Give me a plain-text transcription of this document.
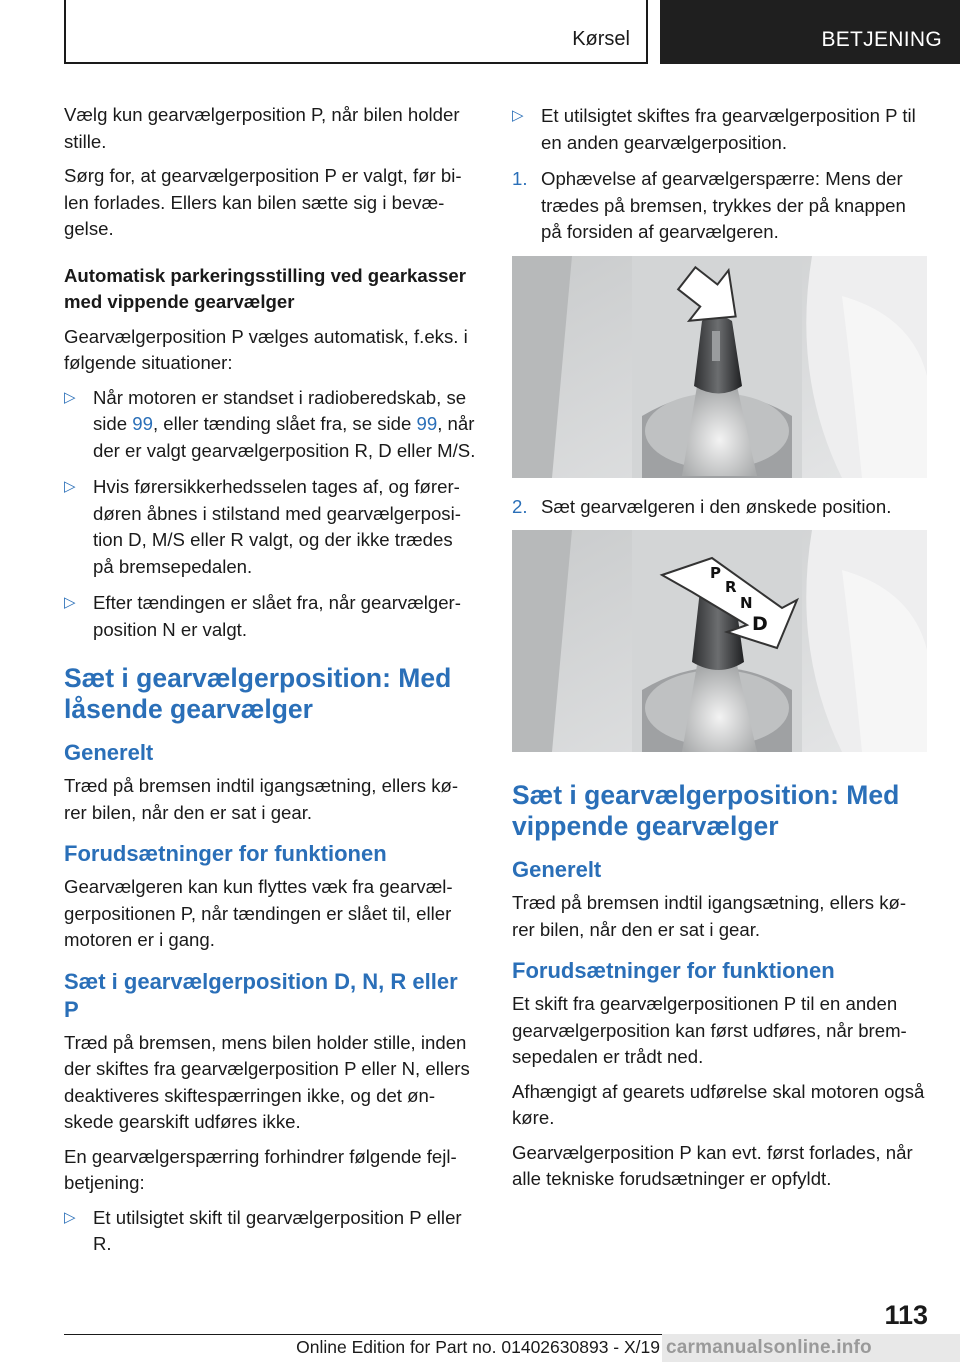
Kørsel	BETJENING

Vælg kun gearvælgerposition P, når bilen holder stille.

Sørg for, at gearvælgerposition P er valgt, før bi‐len forlades. Ellers kan bilen sætte sig i bevæ‐gelse.

Automatisk parkeringsstilling ved gearkasser med vippende gearvælger

Gearvælgerposition P vælges automatisk, f.eks. i følgende situationer:

▷ Når motoren er standset i radioberedskab, se side 99, eller tænding slået fra, se side 99, når der er valgt gearvælgerposition R, D eller M/S.
▷ Hvis førersikkerhedsselen tages af, og fører‐døren åbnes i stilstand med gearvælgerposi‐tion D, M/S eller R valgt, og der ikke trædes på bremsepedalen.
▷ Efter tændingen er slået fra, når gearvælger‐position N er valgt.
Sæt i gearvælgerposition: Med låsende gearvælger
Generelt

Træd på bremsen indtil igangsætning, ellers kø‐rer bilen, når den er sat i gear.

Forudsætninger for funktionen

Gearvælgeren kan kun flyttes væk fra gearvæl‐gerpositionen P, når tændingen er slået til, eller motoren er i gang.

Sæt i gearvælgerposition D, N, R eller P

Træd på bremsen, mens bilen holder stille, inden der skiftes fra gearvælgerposition P eller N, ellers deaktiveres skiftespærringen ikke, og det øn‐skede gearskift udføres ikke.

En gearvælgerspærring forhindrer følgende fejl‐betjening:

▷ Et utilsigtet skift til gearvælgerposition P eller R.
▷ Et utilsigtet skiftes fra gearvælgerposition P til en anden gearvælgerposition.
1. Ophævelse af gearvælgerspærre: Mens der trædes på bremsen, trykkes der på knappen på forsiden af gearvælgeren.
2. Sæt gearvælgeren i den ønskede position.
P
R
N
D
Sæt i gearvælgerposition: Med vippende gearvælger
Generelt

Træd på bremsen indtil igangsætning, ellers kø‐rer bilen, når den er sat i gear.

Forudsætninger for funktionen

Et skift fra gearvælgerpositionen P til en anden gearvælgerposition kan først udføres, når brem‐sepedalen er trådt ned.

Afhængigt af gearets udførelse skal motoren også køre.

Gearvælgerposition P kan evt. først forlades, når alle tekniske forudsætninger er opfyldt.

113
Online Edition for Part no. 01402630893 - X/19 carmanualsonline.info
